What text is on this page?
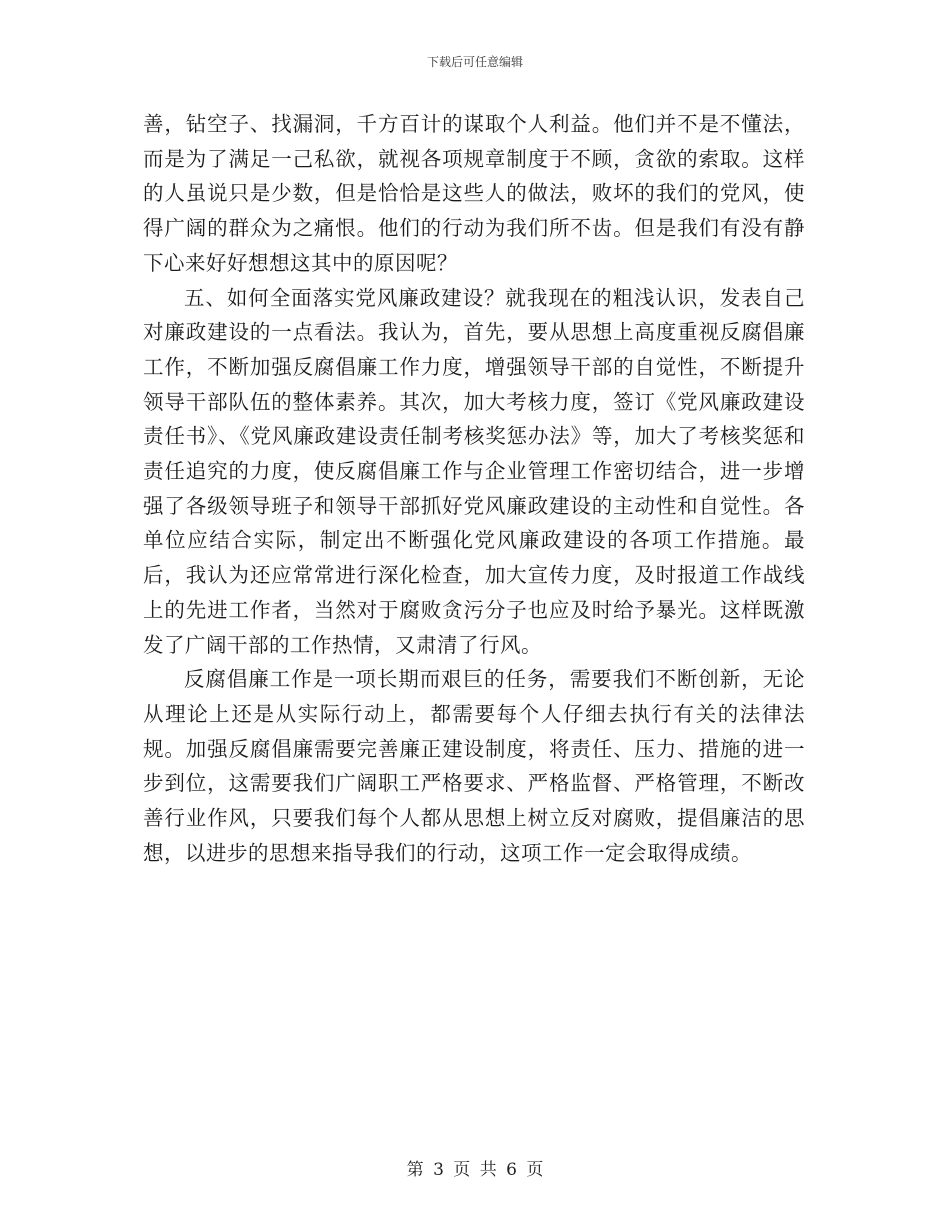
下载后可任意编辑

善，钻空子、找漏洞，千方百计的谋取个人利益。他们并不是不懂法，而是为了满足一己私欲，就视各项规章制度于不顾，贪欲的索取。这样的人虽说只是少数，但是恰恰是这些人的做法，败坏的我们的党风，使得广阔的群众为之痛恨。他们的行动为我们所不齿。但是我们有没有静下心来好好想想这其中的原因呢？

五、如何全面落实党风廉政建设？就我现在的粗浅认识，发表自己对廉政建设的一点看法。我认为，首先，要从思想上高度重视反腐倡廉工作，不断加强反腐倡廉工作力度，增强领导干部的自觉性，不断提升领导干部队伍的整体素养。其次，加大考核力度，签订《党风廉政建设责任书》、《党风廉政建设责任制考核奖惩办法》等，加大了考核奖惩和责任追究的力度，使反腐倡廉工作与企业管理工作密切结合，进一步增强了各级领导班子和领导干部抓好党风廉政建设的主动性和自觉性。各单位应结合实际，制定出不断强化党风廉政建设的各项工作措施。最后，我认为还应常常进行深化检查，加大宣传力度，及时报道工作战线上的先进工作者，当然对于腐败贪污分子也应及时给予暴光。这样既激发了广阔干部的工作热情，又肃清了行风。

反腐倡廉工作是一项长期而艰巨的任务，需要我们不断创新，无论从理论上还是从实际行动上，都需要每个人仔细去执行有关的法律法规。加强反腐倡廉需要完善廉正建设制度，将责任、压力、措施的进一步到位，这需要我们广阔职工严格要求、严格监督、严格管理，不断改善行业作风，只要我们每个人都从思想上树立反对腐败，提倡廉洁的思想，以进步的思想来指导我们的行动，这项工作一定会取得成绩。

第 3 页 共 6 页
